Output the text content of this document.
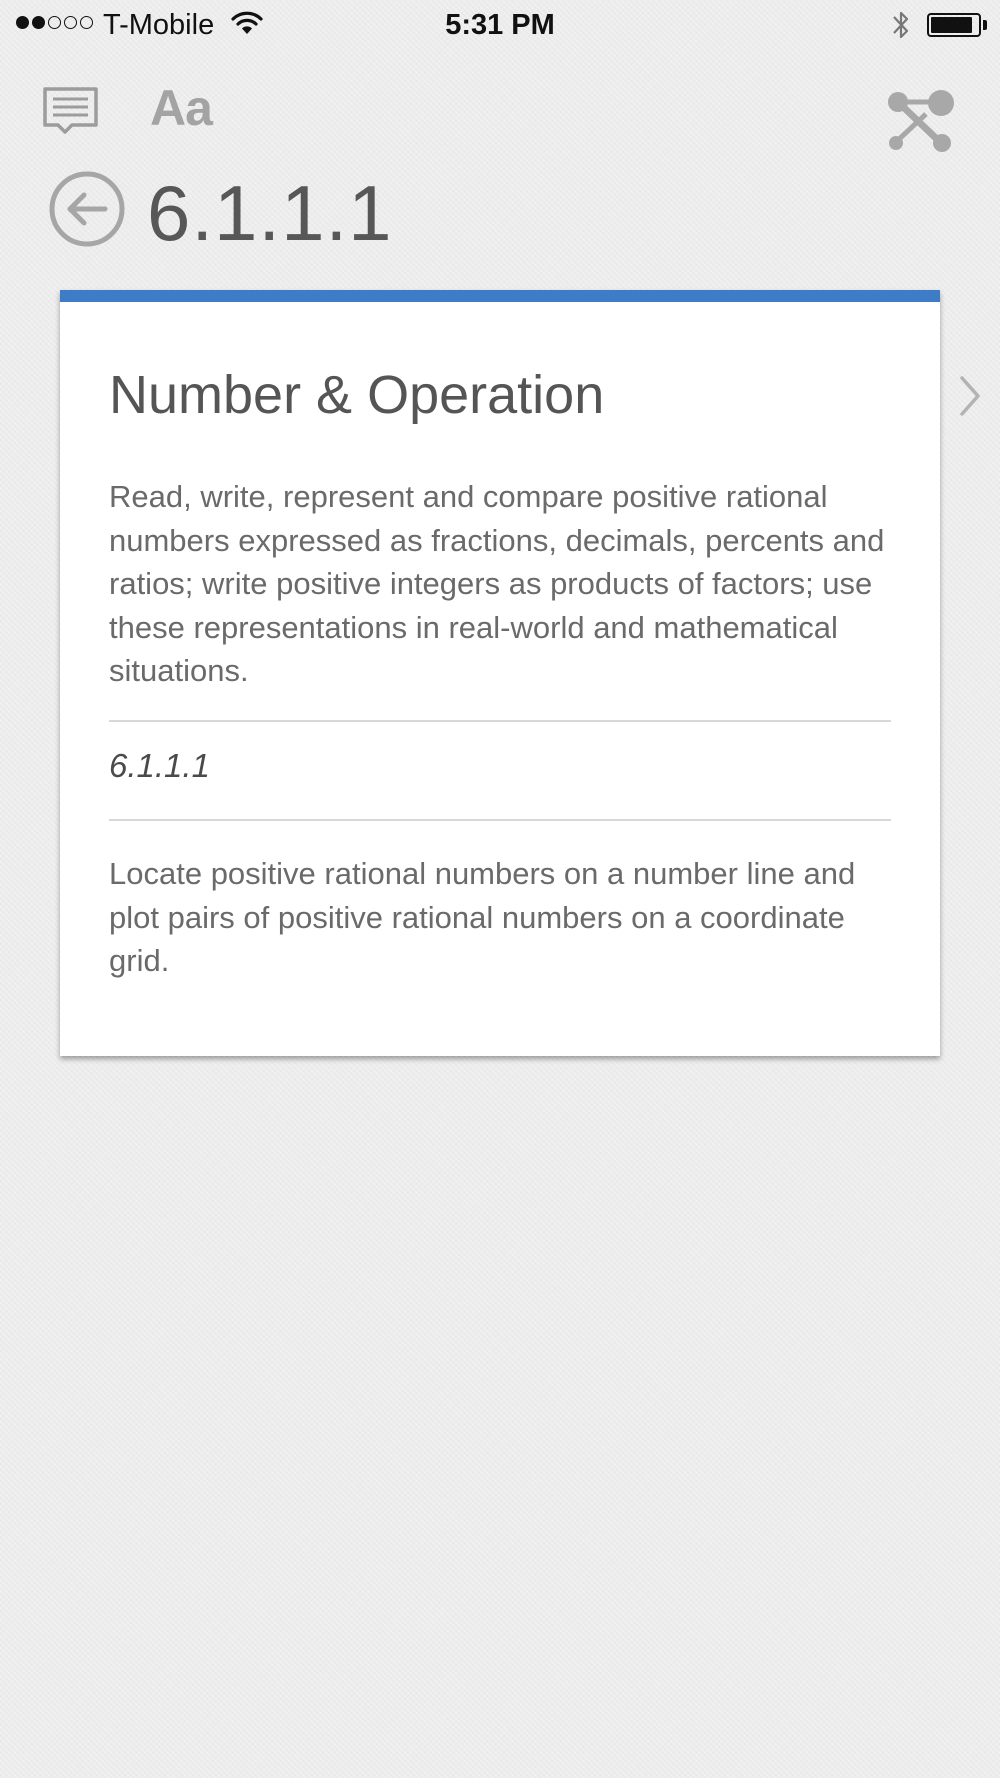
T-Mobile	5:31 PM
Aa
6.1.1.1
Number & Operation

Read, write, represent and compare positive rational numbers expressed as fractions, decimals, percents and ratios; write positive integers as products of factors; use these representations in real-world and mathematical situations.

6.1.1.1

Locate positive rational numbers on a number line and plot pairs of positive rational numbers on a coordinate grid.
